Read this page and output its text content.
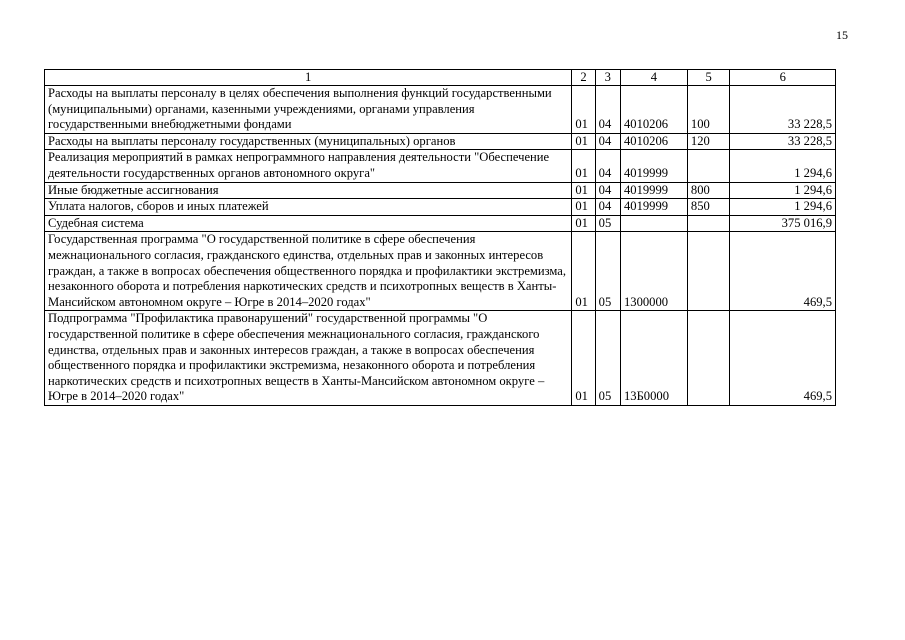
15
1	2	3	4	5	6
Расходы на выплаты персоналу в целях обеспечения выполнения функций государственными (муниципальными) органами, казенными учреждениями, органами управления государственными внебюджетными фондами	01	04	4010206	100	33 228,5
Расходы на выплаты персоналу государственных (муниципальных) органов	01	04	4010206	120	33 228,5
Реализация мероприятий в рамках непрограммного направления деятельности "Обеспечение деятельности государственных органов автономного округа"	01	04	4019999		1 294,6
Иные бюджетные ассигнования	01	04	4019999	800	1 294,6
Уплата налогов, сборов и иных платежей	01	04	4019999	850	1 294,6
Судебная система	01	05			375 016,9
Государственная программа "О государственной политике в сфере обеспечения межнационального согласия, гражданского единства, отдельных прав и законных интересов граждан, а также в вопросах обеспечения общественного порядка и профилактики экстремизма, незаконного оборота и потребления наркотических средств и психотропных веществ в Ханты-Мансийском автономном округе – Югре в 2014–2020 годах"	01	05	1300000		469,5
Подпрограмма "Профилактика правонарушений" государственной программы "О государственной политике в сфере обеспечения межнационального согласия, гражданского единства, отдельных прав и законных интересов граждан, а также в вопросах обеспечения общественного порядка и профилактики экстремизма, незаконного оборота и потребления наркотических средств и психотропных веществ в Ханты-Мансийском автономном округе – Югре в 2014–2020 годах"	01	05	13Б0000		469,5
